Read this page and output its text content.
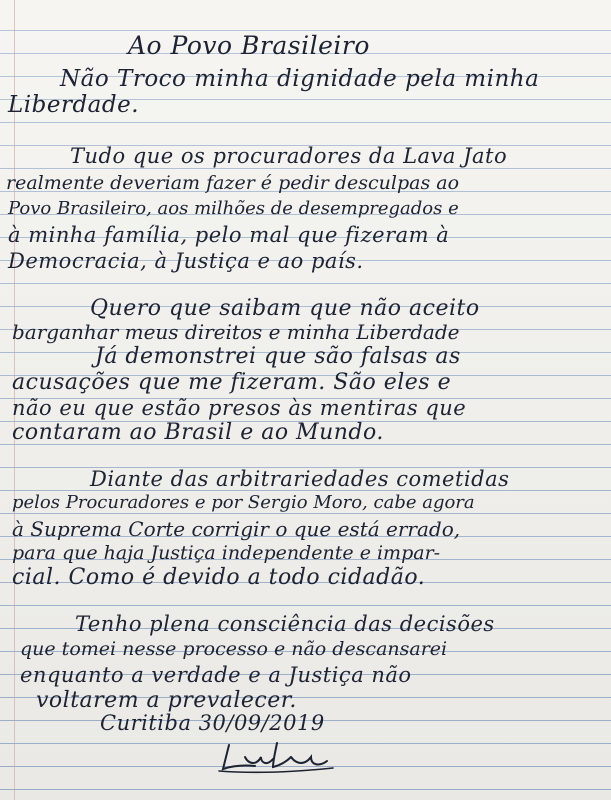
Ao Povo Brasileiro
Não Troco minha dignidade pela minha
Liberdade.
Tudo que os procuradores da Lava Jato
realmente deveriam fazer é pedir desculpas ao
Povo Brasileiro, aos milhões de desempregados e
à minha família, pelo mal que fizeram à
Democracia, à Justiça e ao país.
Quero que saibam que não aceito
barganhar meus direitos e minha Liberdade
Já demonstrei que são falsas as
acusações que me fizeram. São eles e
não eu que estão presos às mentiras que
contaram ao Brasil e ao Mundo.
Diante das arbitrariedades cometidas
pelos Procuradores e por Sergio Moro, cabe agora
à Suprema Corte corrigir o que está errado,
para que haja Justiça independente e impar-
cial. Como é devido a todo cidadão.
Tenho plena consciência das decisões
que tomei nesse processo e não descansarei
enquanto a verdade e a Justiça não
voltarem a prevalecer.
Curitiba 30/09/2019
